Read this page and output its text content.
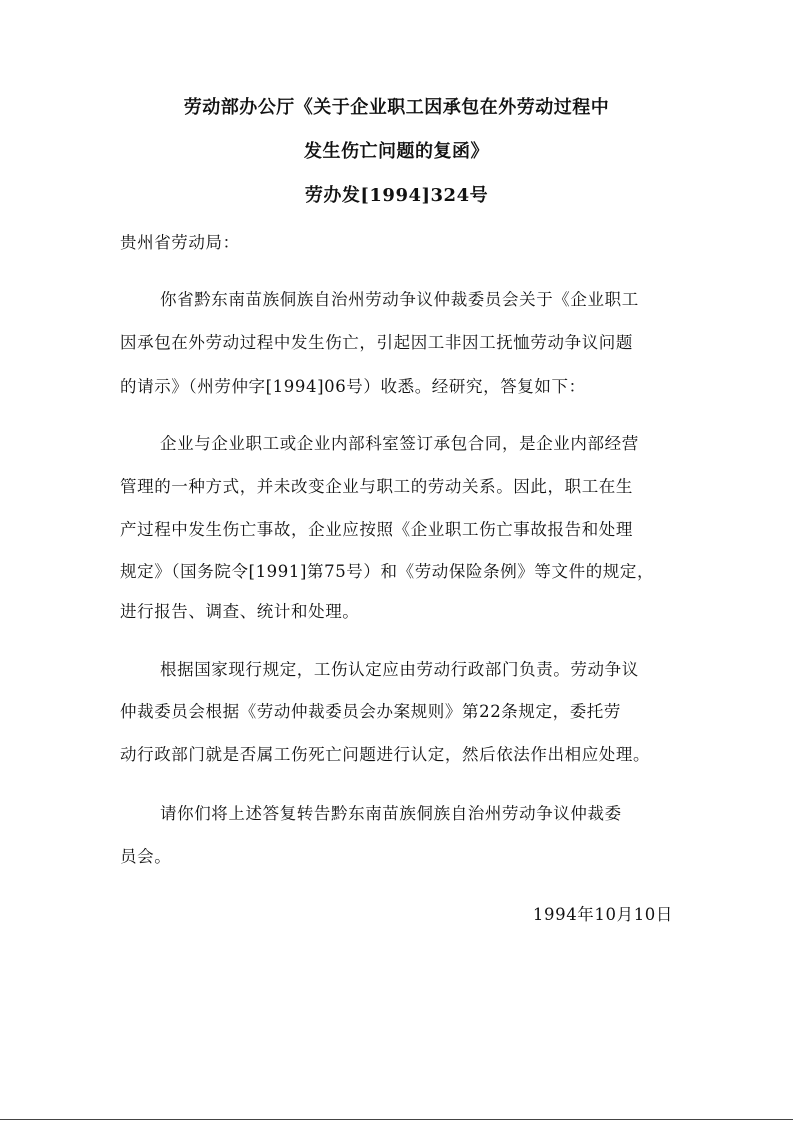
劳动部办公厅《关于企业职工因承包在外劳动过程中
发生伤亡问题的复函》
劳办发[1994]324号

贵州省劳动局：

你省黔东南苗族侗族自治州劳动争议仲裁委员会关于《企业职工

因承包在外劳动过程中发生伤亡，引起因工非因工抚恤劳动争议问题

的请示》（州劳仲字[1994]06号）收悉。经研究，答复如下：

企业与企业职工或企业内部科室签订承包合同，是企业内部经营

管理的一种方式，并未改变企业与职工的劳动关系。因此，职工在生

产过程中发生伤亡事故，企业应按照《企业职工伤亡事故报告和处理

规定》（国务院令[1991]第75号）和《劳动保险条例》等文件的规定，

进行报告、调查、统计和处理。

根据国家现行规定，工伤认定应由劳动行政部门负责。劳动争议

仲裁委员会根据《劳动仲裁委员会办案规则》第22条规定，委托劳

动行政部门就是否属工伤死亡问题进行认定，然后依法作出相应处理。

请你们将上述答复转告黔东南苗族侗族自治州劳动争议仲裁委

员会。

1994年10月10日
